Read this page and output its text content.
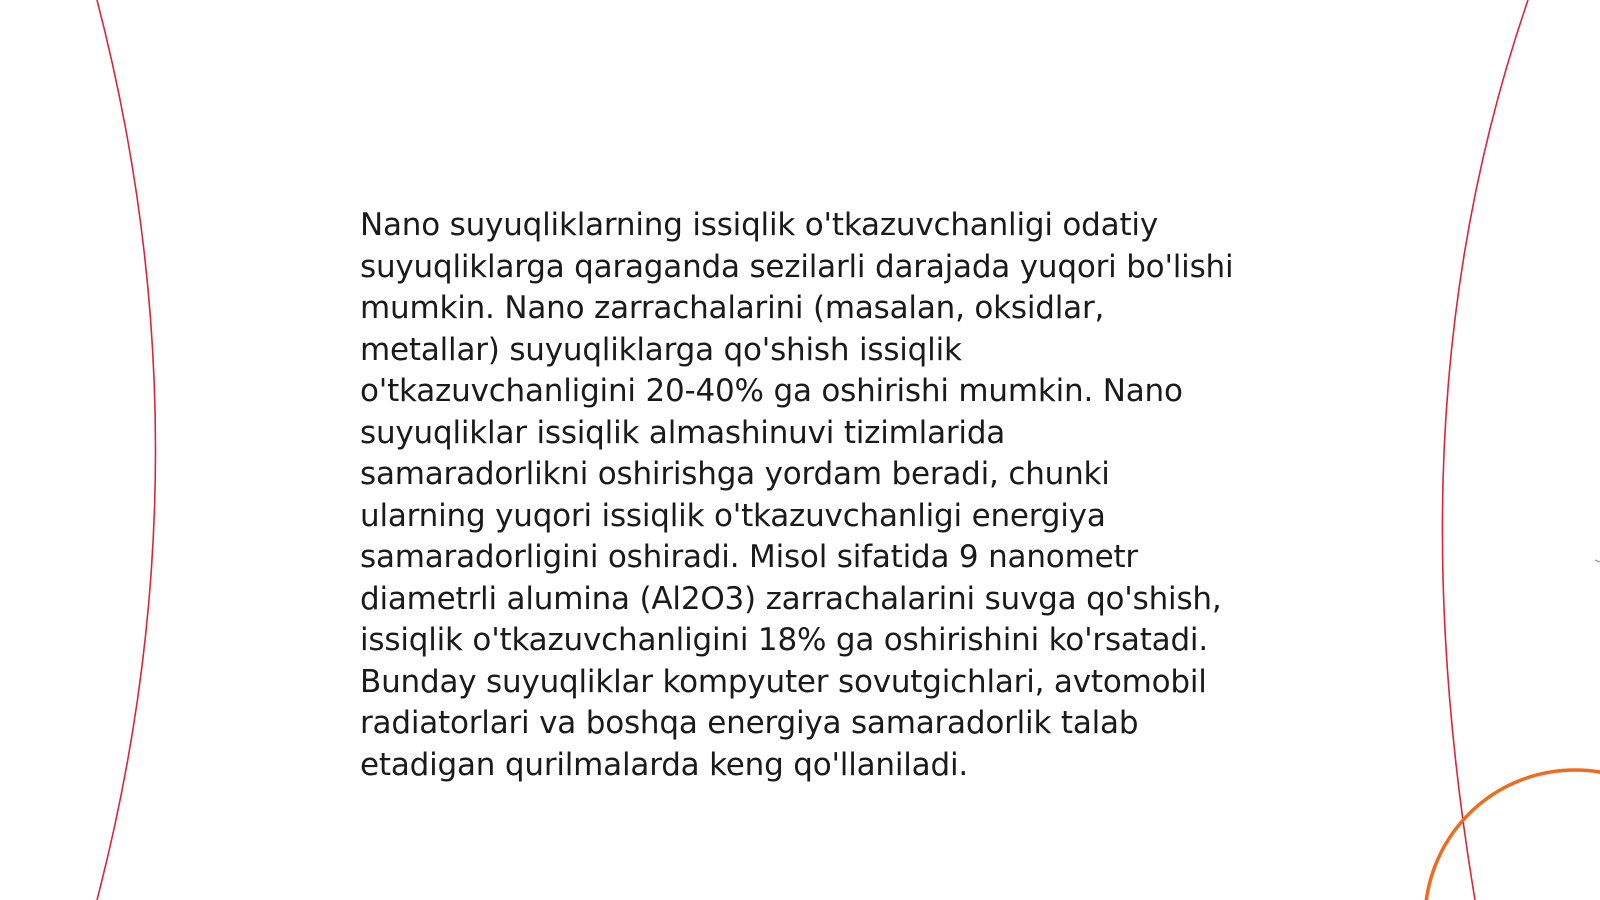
Nano suyuqliklarning issiqlik o'tkazuvchanligi odatiy suyuqliklarga qaraganda sezilarli darajada yuqori bo'lishi mumkin. Nano zarrachalarini (masalan, oksidlar, metallar) suyuqliklarga qo'shish issiqlik o'tkazuvchanligini 20-40% ga oshirishi mumkin. Nano suyuqliklar issiqlik almashinuvi tizimlarida samaradorlikni oshirishga yordam beradi, chunki ularning yuqori issiqlik o'tkazuvchanligi energiya samaradorligini oshiradi. Misol sifatida 9 nanometr diametrli alumina (Al2O3) zarrachalarini suvga qo'shish, issiqlik o'tkazuvchanligini 18% ga oshirishini ko'rsatadi. Bunday suyuqliklar kompyuter sovutgichlari, avtomobil radiatorlari va boshqa energiya samaradorlik talab etadigan qurilmalarda keng qo'llaniladi.
